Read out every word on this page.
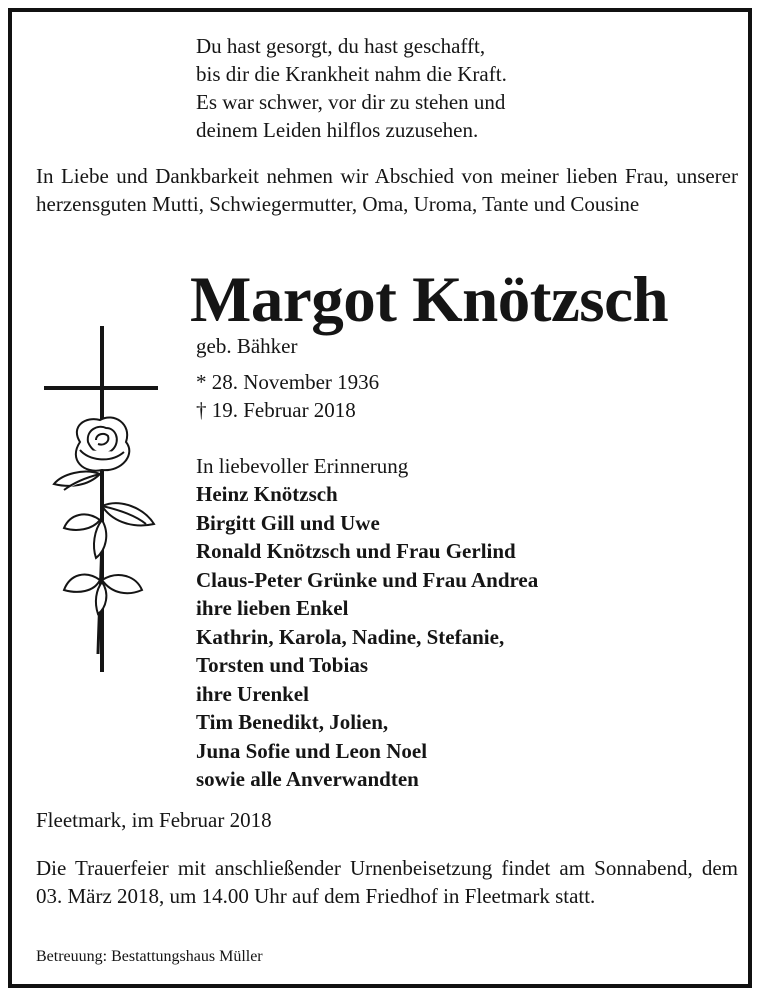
Du hast gesorgt, du hast geschafft,
bis dir die Krankheit nahm die Kraft.
Es war schwer, vor dir zu stehen und
deinem Leiden hilflos zuzusehen.
In Liebe und Dankbarkeit nehmen wir Abschied von meiner lieben Frau, unserer herzensguten Mutti, Schwiegermutter, Oma, Uroma, Tante und Cousine
Margot Knötzsch
geb. Bähker
* 28. November 1936
† 19. Februar 2018
In liebevoller Erinnerung
Heinz Knötzsch
Birgitt Gill und Uwe
Ronald Knötzsch und Frau Gerlind
Claus-Peter Grünke und Frau Andrea
ihre lieben Enkel
Kathrin, Karola, Nadine, Stefanie,
Torsten und Tobias
ihre Urenkel
Tim Benedikt, Jolien,
Juna Sofie und Leon Noel
sowie alle Anverwandten
Fleetmark, im Februar 2018
Die Trauerfeier mit anschließender Urnenbeisetzung findet am Sonnabend, dem 03. März 2018, um 14.00 Uhr auf dem Friedhof in Fleetmark statt.
Betreuung: Bestattungshaus Müller
